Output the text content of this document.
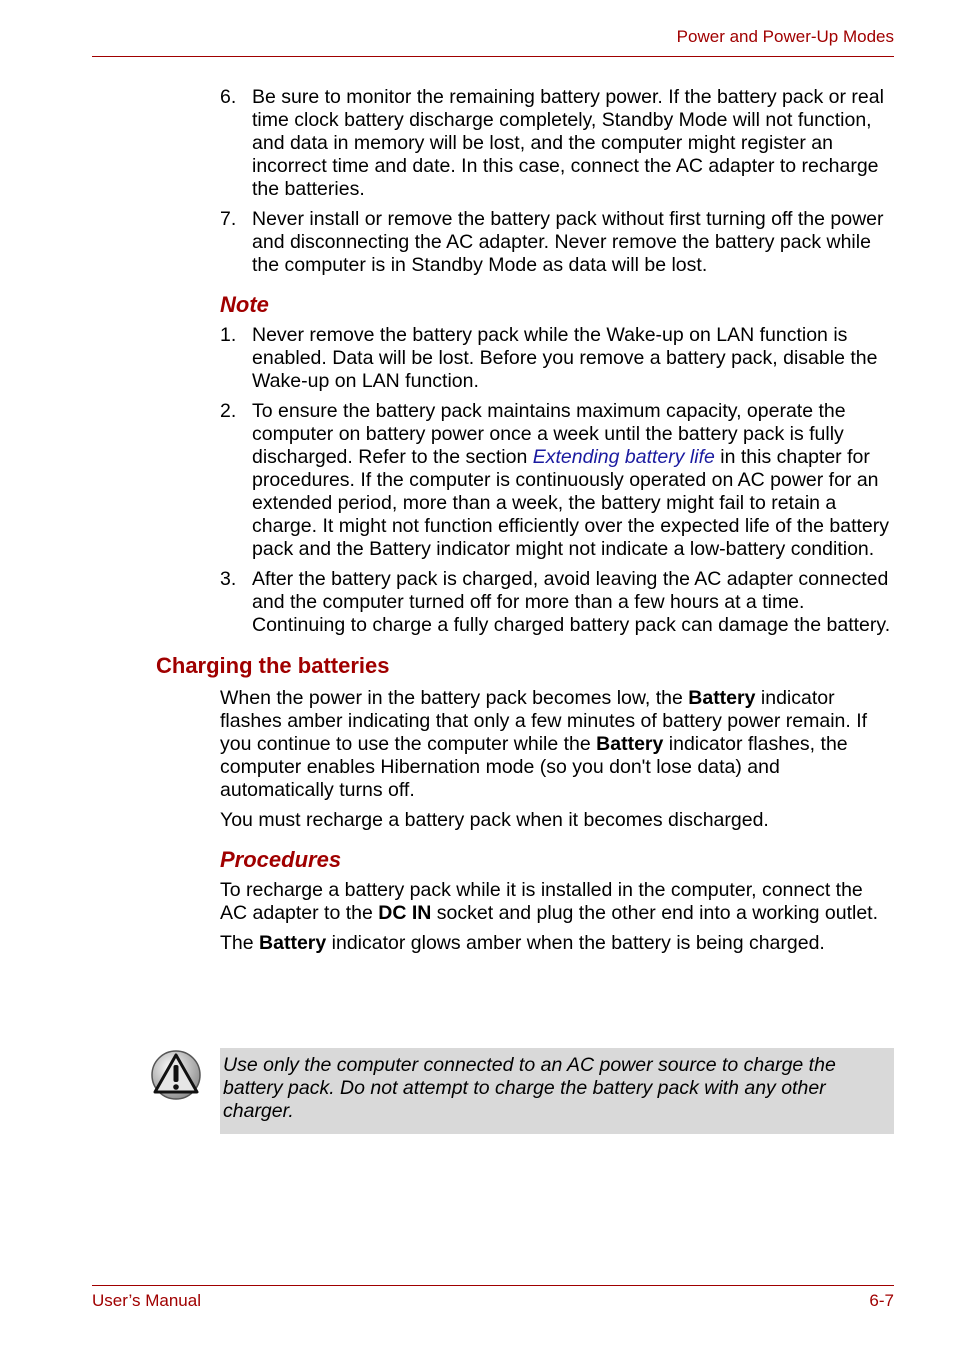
Power and Power-Up Modes
6. Be sure to monitor the remaining battery power. If the battery pack or real time clock battery discharge completely, Standby Mode will not function, and data in memory will be lost, and the computer might register an incorrect time and date. In this case, connect the AC adapter to recharge the batteries.
7. Never install or remove the battery pack without first turning off the power and disconnecting the AC adapter. Never remove the battery pack while the computer is in Standby Mode as data will be lost.
Note
1. Never remove the battery pack while the Wake-up on LAN function is enabled. Data will be lost. Before you remove a battery pack, disable the Wake-up on LAN function.
2. To ensure the battery pack maintains maximum capacity, operate the computer on battery power once a week until the battery pack is fully discharged. Refer to the section Extending battery life in this chapter for procedures. If the computer is continuously operated on AC power for an extended period, more than a week, the battery might fail to retain a charge. It might not function efficiently over the expected life of the battery pack and the Battery indicator might not indicate a low-battery condition.
3. After the battery pack is charged, avoid leaving the AC adapter connected and the computer turned off for more than a few hours at a time. Continuing to charge a fully charged battery pack can damage the battery.
Charging the batteries

When the power in the battery pack becomes low, the Battery indicator flashes amber indicating that only a few minutes of battery power remain. If you continue to use the computer while the Battery indicator flashes, the computer enables Hibernation mode (so you don't lose data) and automatically turns off.

You must recharge a battery pack when it becomes discharged.

Procedures

To recharge a battery pack while it is installed in the computer, connect the AC adapter to the DC IN socket and plug the other end into a working outlet.

The Battery indicator glows amber when the battery is being charged.

Use only the computer connected to an AC power source to charge the battery pack. Do not attempt to charge the battery pack with any other charger.
User’s Manual	6-7
